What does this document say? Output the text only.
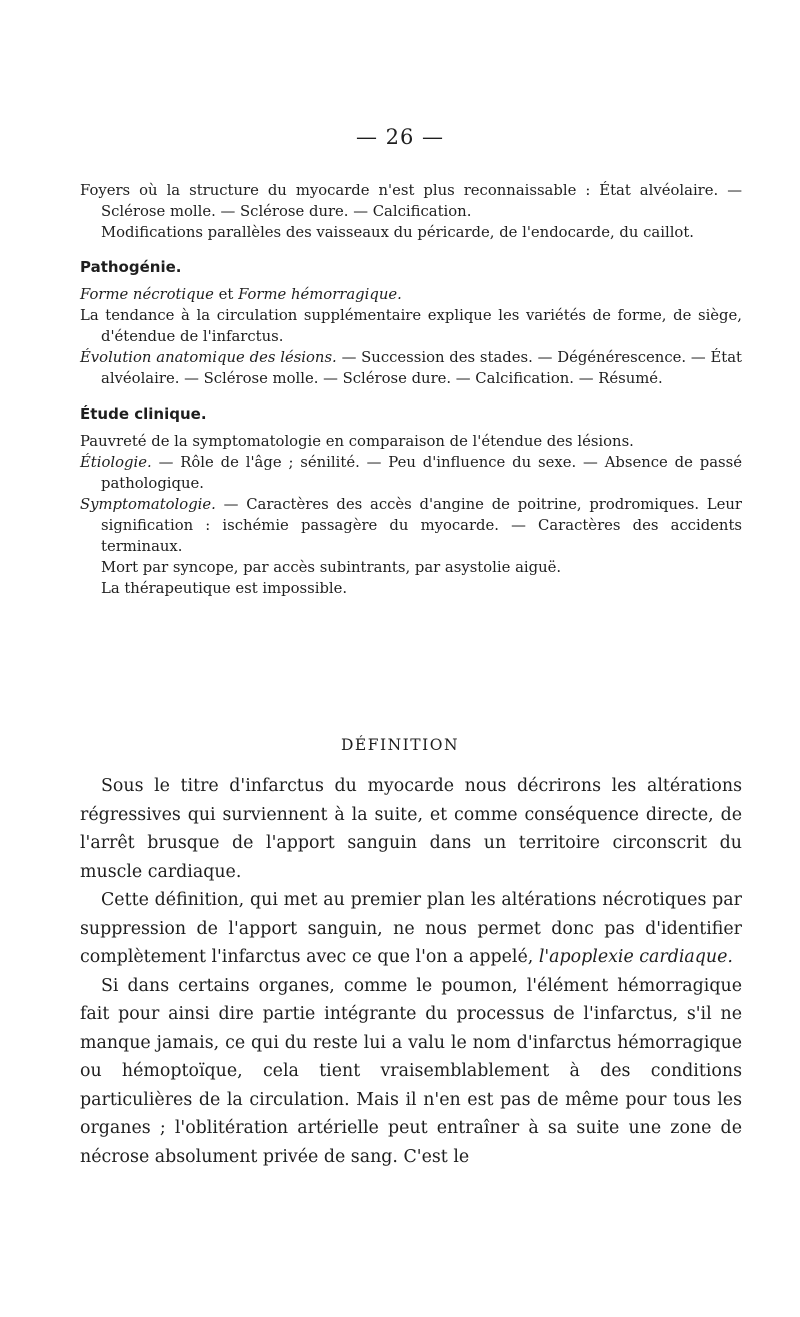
— 26 —

Foyers où la structure du myocarde n'est plus reconnaissable : État alvéolaire. — Sclérose molle. — Sclérose dure. — Calcification.

Modifications parallèles des vaisseaux du péricarde, de l'endocarde, du caillot.

Pathogénie.

Forme nécrotique et Forme hémorragique.

La tendance à la circulation supplémentaire explique les variétés de forme, de siège, d'étendue de l'infarctus.

Évolution anatomique des lésions. — Succession des stades. — Dégénérescence. — État alvéolaire. — Sclérose molle. — Sclérose dure. — Calcification. — Résumé.

Étude clinique.

Pauvreté de la symptomatologie en comparaison de l'étendue des lésions.

Étiologie. — Rôle de l'âge ; sénilité. — Peu d'influence du sexe. — Absence de passé pathologique.

Symptomatologie. — Caractères des accès d'angine de poitrine, prodromiques. Leur signification : ischémie passagère du myocarde. — Caractères des accidents terminaux.

Mort par syncope, par accès subintrants, par asystolie aiguë.

La thérapeutique est impossible.

DÉFINITION

Sous le titre d'infarctus du myocarde nous décrirons les altérations régressives qui surviennent à la suite, et comme conséquence directe, de l'arrêt brusque de l'apport sanguin dans un territoire circonscrit du muscle cardiaque.

Cette définition, qui met au premier plan les altérations nécrotiques par suppression de l'apport sanguin, ne nous permet donc pas d'identifier complètement l'infarctus avec ce que l'on a appelé, l'apoplexie cardiaque.

Si dans certains organes, comme le poumon, l'élément hémorragique fait pour ainsi dire partie intégrante du processus de l'infarctus, s'il ne manque jamais, ce qui du reste lui a valu le nom d'infarctus hémorragique ou hémoptoïque, cela tient vraisemblablement à des conditions particulières de la circulation. Mais il n'en est pas de même pour tous les organes ; l'oblitération artérielle peut entraîner à sa suite une zone de nécrose absolument privée de sang. C'est le
